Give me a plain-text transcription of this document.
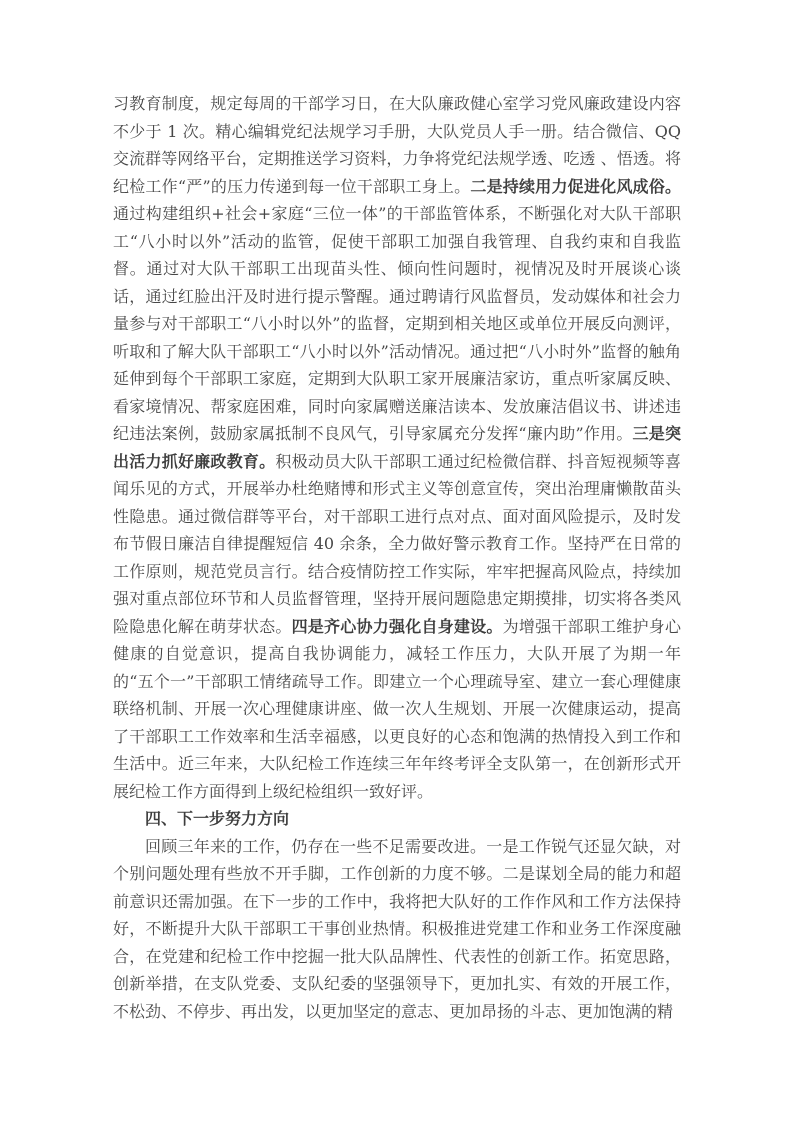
习教育制度，规定每周的干部学习日，在大队廉政健心室学习党风廉政建设内容不少于 1 次。精心编辑党纪法规学习手册，大队党员人手一册。结合微信、QQ交流群等网络平台，定期推送学习资料，力争将党纪法规学透、吃透 、悟透。将纪检工作“严”的压力传递到每一位干部职工身上。二是持续用力促进化风成俗。通过构建组织+社会+家庭“三位一体”的干部监管体系，不断强化对大队干部职工“八小时以外”活动的监管，促使干部职工加强自我管理、自我约束和自我监督。通过对大队干部职工出现苗头性、倾向性问题时，视情况及时开展谈心谈话，通过红脸出汗及时进行提示警醒。通过聘请行风监督员，发动媒体和社会力量参与对干部职工“八小时以外”的监督，定期到相关地区或单位开展反向测评，听取和了解大队干部职工“八小时以外”活动情况。通过把“八小时外”监督的触角延伸到每个干部职工家庭，定期到大队职工家开展廉洁家访，重点听家属反映、看家境情况、帮家庭困难，同时向家属赠送廉洁读本、发放廉洁倡议书、讲述违纪违法案例，鼓励家属抵制不良风气，引导家属充分发挥“廉内助”作用。三是突出活力抓好廉政教育。积极动员大队干部职工通过纪检微信群、抖音短视频等喜闻乐见的方式，开展举办杜绝赌博和形式主义等创意宣传，突出治理庸懒散苗头性隐患。通过微信群等平台，对干部职工进行点对点、面对面风险提示，及时发布节假日廉洁自律提醒短信 40 余条，全力做好警示教育工作。坚持严在日常的工作原则，规范党员言行。结合疫情防控工作实际，牢牢把握高风险点，持续加强对重点部位环节和人员监督管理，坚持开展问题隐患定期摸排，切实将各类风险隐患化解在萌芽状态。四是齐心协力强化自身建设。为增强干部职工维护身心健康的自觉意识，提高自我协调能力，减轻工作压力，大队开展了为期一年的“五个一”干部职工情绪疏导工作。即建立一个心理疏导室、建立一套心理健康联络机制、开展一次心理健康讲座、做一次人生规划、开展一次健康运动，提高了干部职工工作效率和生活幸福感，以更良好的心态和饱满的热情投入到工作和生活中。近三年来，大队纪检工作连续三年年终考评全支队第一，在创新形式开展纪检工作方面得到上级纪检组织一致好评。

四、下一步努力方向

回顾三年来的工作，仍存在一些不足需要改进。一是工作锐气还显欠缺，对个别问题处理有些放不开手脚，工作创新的力度不够。二是谋划全局的能力和超前意识还需加强。在下一步的工作中，我将把大队好的工作作风和工作方法保持好，不断提升大队干部职工干事创业热情。积极推进党建工作和业务工作深度融合，在党建和纪检工作中挖掘一批大队品牌性、代表性的创新工作。拓宽思路，创新举措，在支队党委、支队纪委的坚强领导下，更加扎实、有效的开展工作，不松劲、不停步、再出发，以更加坚定的意志、更加昂扬的斗志、更加饱满的精
